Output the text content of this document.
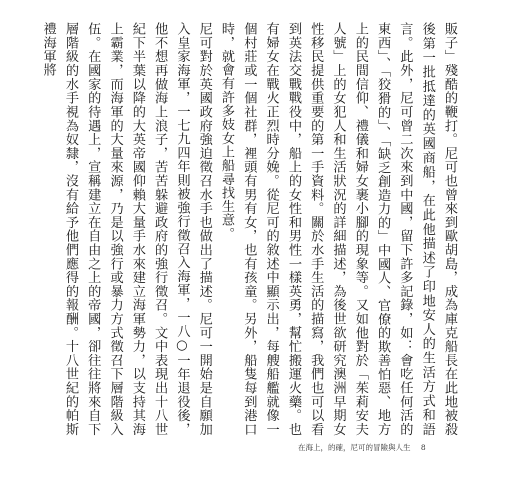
販子」殘酷的鞭打。尼可也曾來到歐胡島，成為庫克船長在此地被殺後第一批抵達的英國商船，在此他描述了印地安人的生活方式和語言。此外，尼可曾二次來到中國，留下許多記錄，如：會吃任何活的東西」、「狡猾的」、「缺乏創造力的」中國人、官僚的欺善怕惡、地方上的民間信仰、禮儀和婦女裹小腳的現象等。又如他對於「茱莉安夫人號」上的女犯人和生活狀況的詳細描述，為後世欲研究澳洲早期女性移民提供重要的第一手資料。關於水手生活的描寫，我們也可以看到英法交戰戰役中，船上的女性和男性一樣英勇，幫忙搬運火藥。也有婦女在戰火正烈時分娩。從尼可的敘述中顯示出，每艘船艦就像一個村莊或一個社群，裡頭有男有女，也有孩童。另外，船隻每到港口時，就會有許多妓女上船尋找生意。

尼可對於英國政府強迫徵召水手也做出了描述。尼可一開始是自願加入皇家海軍，一七九四年則被強行徵召入海軍，一八○一年退役後，他不想再做海上浪子，苦苦躲避政府的強行徵召。文中表現出十八世紀下半葉以降的大英帝國仰賴大量手水來建立海軍勢力，以支持其海上霸業，而海軍的大量來源，乃是以強行或暴力方式徵召下層階級入伍。在國家的待遇上，宣稱建立在自由之上的帝國，卻往往將來自下層階級的水手視為奴隸，沒有給予他們應得的報酬。十八世紀的帕斯禮海軍將

在海上，的確，尼可的冒險與人生 8
